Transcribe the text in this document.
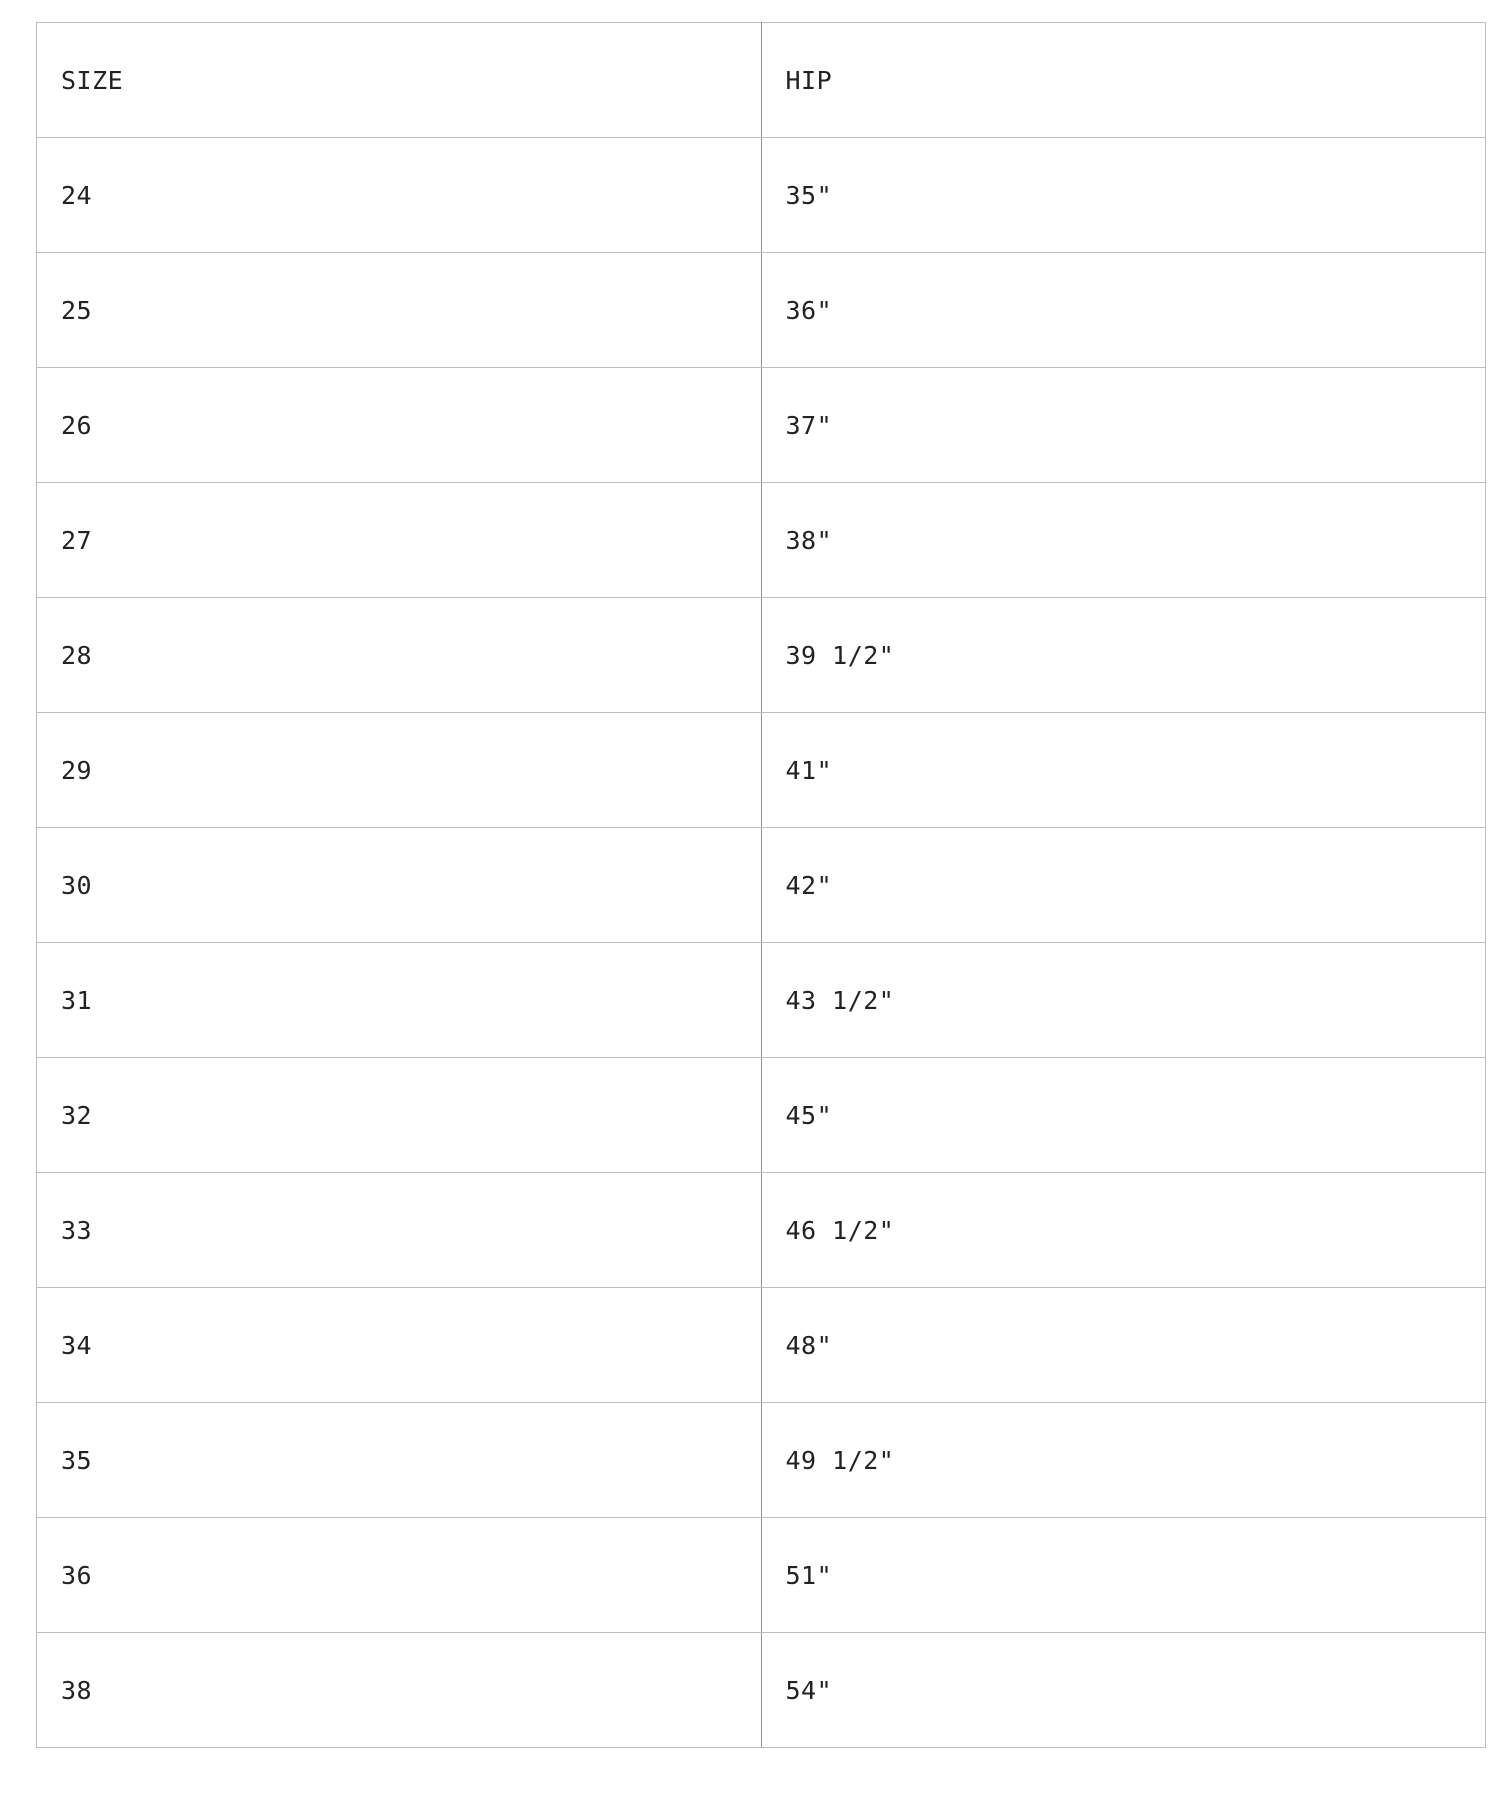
SIZE	HIP
24	35"
25	36"
26	37"
27	38"
28	39 1/2"
29	41"
30	42"
31	43 1/2"
32	45"
33	46 1/2"
34	48"
35	49 1/2"
36	51"
38	54"
